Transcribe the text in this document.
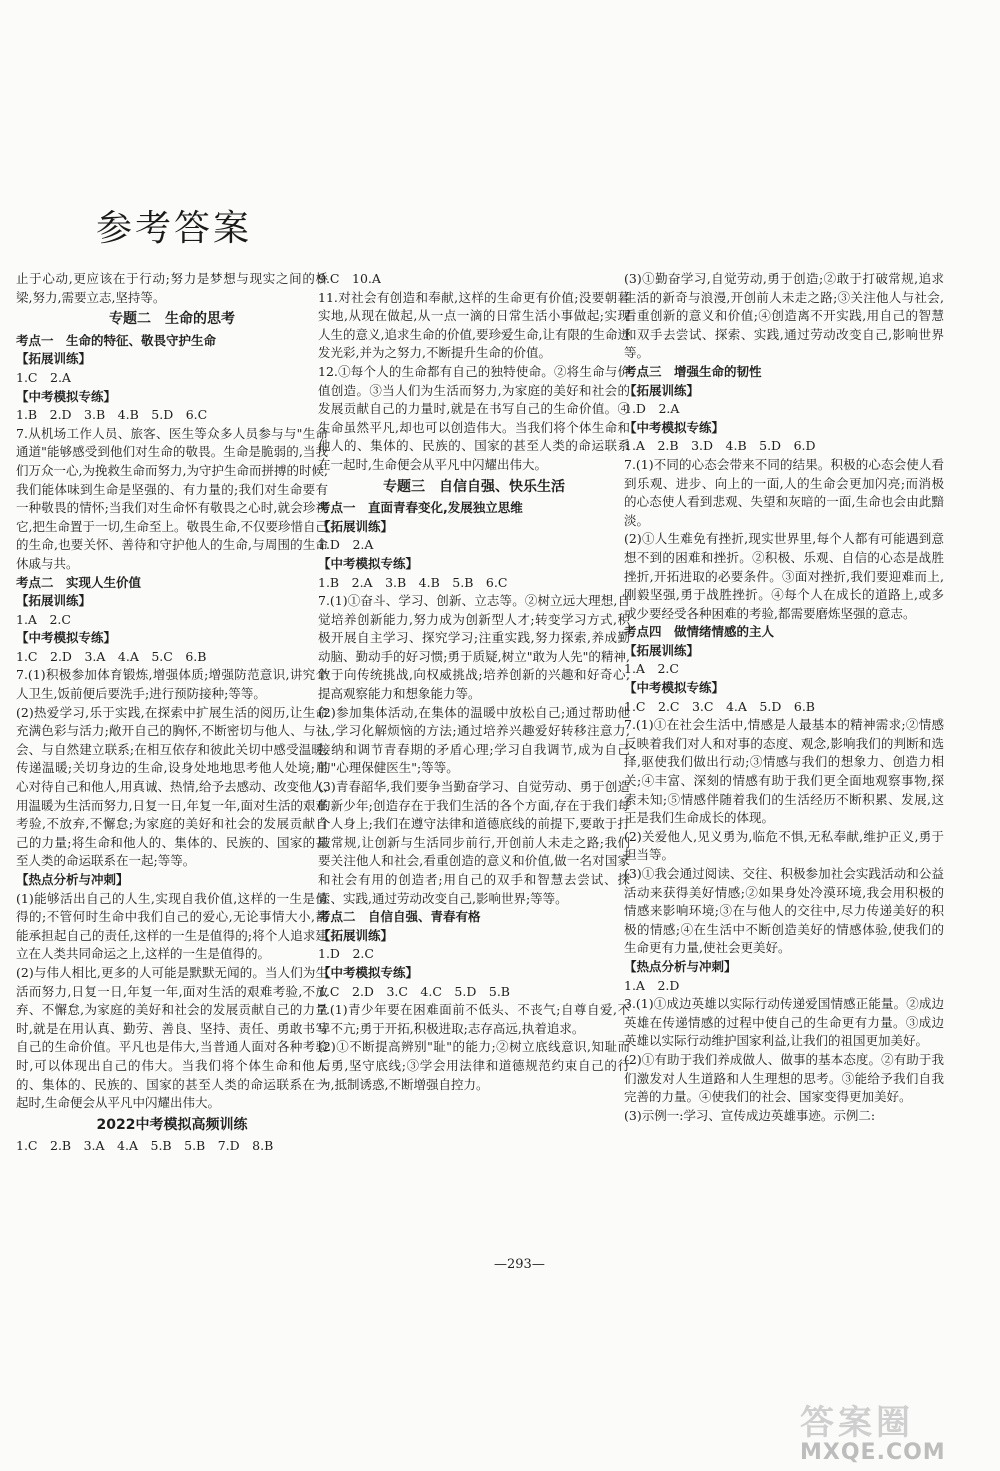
参考答案

止于心动,更应该在于行动;努力是梦想与现实之间的桥梁,努力,需要立志,坚持等。

专题二　生命的思考

考点一　生命的特征、敬畏守护生命

【拓展训练】

1.C　2.A

【中考模拟专练】

1.B　2.D　3.B　4.B　5.D　6.C

7.从机场工作人员、旅客、医生等众多人员参与与"生命通道"能够感受到他们对生命的敬畏。生命是脆弱的,当我们万众一心,为挽救生命而努力,为守护生命而拼搏的时候,我们能体味到生命是坚强的、有力量的;我们对生命要有一种敬畏的情怀;当我们对生命怀有敬畏之心时,就会珍视它,把生命置于一切,生命至上。敬畏生命,不仅要珍惜自己的生命,也要关怀、善待和守护他人的生命,与周围的生命休戚与共。

考点二　实现人生价值

【拓展训练】

1.A　2.C

【中考模拟专练】

1.C　2.D　3.A　4.A　5.C　6.B

7.(1)积极参加体育锻炼,增强体质;增强防范意识,讲究个人卫生,饭前便后要洗手;进行预防接种;等等。

(2)热爱学习,乐于实践,在探索中扩展生活的阅历,让生命充满色彩与活力;敞开自己的胸怀,不断密切与他人、与社会、与自然建立联系;在相互依存和彼此关切中感受温暖,传递温暖;关切身边的生命,设身处地地思考他人处境;用心对待自己和他人,用真诚、热情,给予去感动、改变他人,用温暖为生活而努力,日复一日,年复一年,面对生活的艰难考验,不放弃,不懈怠;为家庭的美好和社会的发展贡献自己的力量;将生命和他人的、集体的、民族的、国家的甚至人类的命运联系在一起;等等。

【热点分析与冲刺】

(1)能够活出自己的人生,实现自我价值,这样的一生是值得的;不管何时生命中我们自己的爱心,无论事情大小,都能承担起自己的责任,这样的一生是值得的;将个人追求建立在人类共同命运之上,这样的一生是值得的。

(2)与伟人相比,更多的人可能是默默无闻的。当人们为生活而努力,日复一日,年复一年,面对生活的艰难考验,不放弃、不懈怠,为家庭的美好和社会的发展贡献自己的力量时,就是在用认真、勤劳、善良、坚持、责任、勇敢书写自己的生命价值。平凡也是伟大,当普通人面对各种考验时,可以体现出自己的伟大。当我们将个体生命和他人的、集体的、民族的、国家的甚至人类的命运联系在一起时,生命便会从平凡中闪耀出伟大。

2022中考模拟高频训练

1.C　2.B　3.A　4.A　5.B　5.B　7.D　8.B

9.C　10.A

11.对社会有创造和奉献,这样的生命更有价值;没要朝暮实地,从现在做起,从一点一滴的日常生活小事做起;实现人生的意义,追求生命的价值,要珍爱生命,让有限的生命迸发光彩,并为之努力,不断提升生命的价值。

12.①每个人的生命都有自己的独特使命。②将生命与价值创造。③当人们为生活而努力,为家庭的美好和社会的发展贡献自己的力量时,就是在书写自己的生命价值。④生命虽然平凡,却也可以创造伟大。当我们将个体生命和他人的、集体的、民族的、国家的甚至人类的命运联系在一起时,生命便会从平凡中闪耀出伟大。

专题三　自信自强、快乐生活

考点一　直面青春变化,发展独立思维

【拓展训练】

1.D　2.A

【中考模拟专练】

1.B　2.A　3.B　4.B　5.B　6.C

7.(1)①奋斗、学习、创新、立志等。②树立远大理想,自觉培养创新能力,努力成为创新型人才;转变学习方式,积极开展自主学习、探究学习;注重实践,努力探索,养成勤动脑、勤动手的好习惯;勇于质疑,树立"敢为人先"的精神,敢于向传统挑战,向权威挑战;培养创新的兴趣和好奇心,提高观察能力和想象能力等。

(2)参加集体活动,在集体的温暖中放松自己;通过帮助他人,学习化解烦恼的方法;通过培养兴趣爱好转移注意力,接纳和调节青春期的矛盾心理;学习自我调节,成为自己的"心理保健医生";等等。

(3)青春韶华,我们要争当勤奋学习、自觉劳动、勇于创造的新少年;创造存在于我们生活的各个方面,存在于我们每个人身上;我们在遵守法律和道德底线的前提下,要敢于打破常规,让创新与生活同步前行,开创前人未走之路;我们要关注他人和社会,看重创造的意义和价值,做一名对国家和社会有用的创造者;用自己的双手和智慧去尝试、探索、实践,通过劳动改变自己,影响世界;等等。

考点二　自信自强、青春有格

【拓展训练】

1.D　2.C

【中考模拟专练】

1.C　2.D　3.C　4.C　5.D　5.B

7.(1)青少年要在困难面前不低头、不丧气;自尊自爱,不卑不亢;勇于开拓,积极进取;志存高远,执着追求。

(2)①不断提高辨别"耻"的能力;②树立底线意识,知耻而后勇,坚守底线;③学会用法律和道德规范约束自己的行为,抵制诱惑,不断增强自控力。

(3)①勤奋学习,自觉劳动,勇于创造;②敢于打破常规,追求生活的新奇与浪漫,开创前人未走之路;③关注他人与社会,看重创新的意义和价值;④创造离不开实践,用自己的智慧和双手去尝试、探索、实践,通过劳动改变自己,影响世界等。

考点三　增强生命的韧性

【拓展训练】

1.D　2.A

【中考模拟专练】

1.A　2.B　3.D　4.B　5.D　6.D

7.(1)不同的心态会带来不同的结果。积极的心态会使人看到乐观、进步、向上的一面,人的生命会更加闪亮;而消极的心态使人看到悲观、失望和灰暗的一面,生命也会由此黯淡。

(2)①人生难免有挫折,现实世界里,每个人都有可能遇到意想不到的困难和挫折。②积极、乐观、自信的心态是战胜挫折,开拓进取的必要条件。③面对挫折,我们要迎难而上,刚毅坚强,勇于战胜挫折。④每个人在成长的道路上,或多或少要经受各种困难的考验,都需要磨炼坚强的意志。

考点四　做情绪情感的主人

【拓展训练】

1.A　2.C

【中考模拟专练】

1.C　2.C　3.C　4.A　5.D　6.B

7.(1)①在社会生活中,情感是人最基本的精神需求;②情感反映着我们对人和对事的态度、观念,影响我们的判断和选择,驱使我们做出行动;③情感与我们的想象力、创造力相关;④丰富、深刻的情感有助于我们更全面地观察事物,探索未知;⑤情感伴随着我们的生活经历不断积累、发展,这正是我们生命成长的体现。

(2)关爱他人,见义勇为,临危不惧,无私奉献,维护正义,勇于担当等。

(3)①我会通过阅读、交往、积极参加社会实践活动和公益活动来获得美好情感;②如果身处冷漠环境,我会用积极的情感来影响环境;③在与他人的交往中,尽力传递美好的积极的情感;④在生活中不断创造美好的情感体验,使我们的生命更有力量,使社会更美好。

【热点分析与冲刺】

1.A　2.D

3.(1)①成边英雄以实际行动传递爱国情感正能量。②成边英雄在传递情感的过程中使自己的生命更有力量。③成边英雄以实际行动维护国家利益,让我们的祖国更加美好。

(2)①有助于我们养成做人、做事的基本态度。②有助于我们激发对人生道路和人生理想的思考。③能给予我们自我完善的力量。④使我们的社会、国家变得更加美好。

(3)示例一:学习、宣传成边英雄事迹。示例二:

—293—
答案圈
MXQE.COM
